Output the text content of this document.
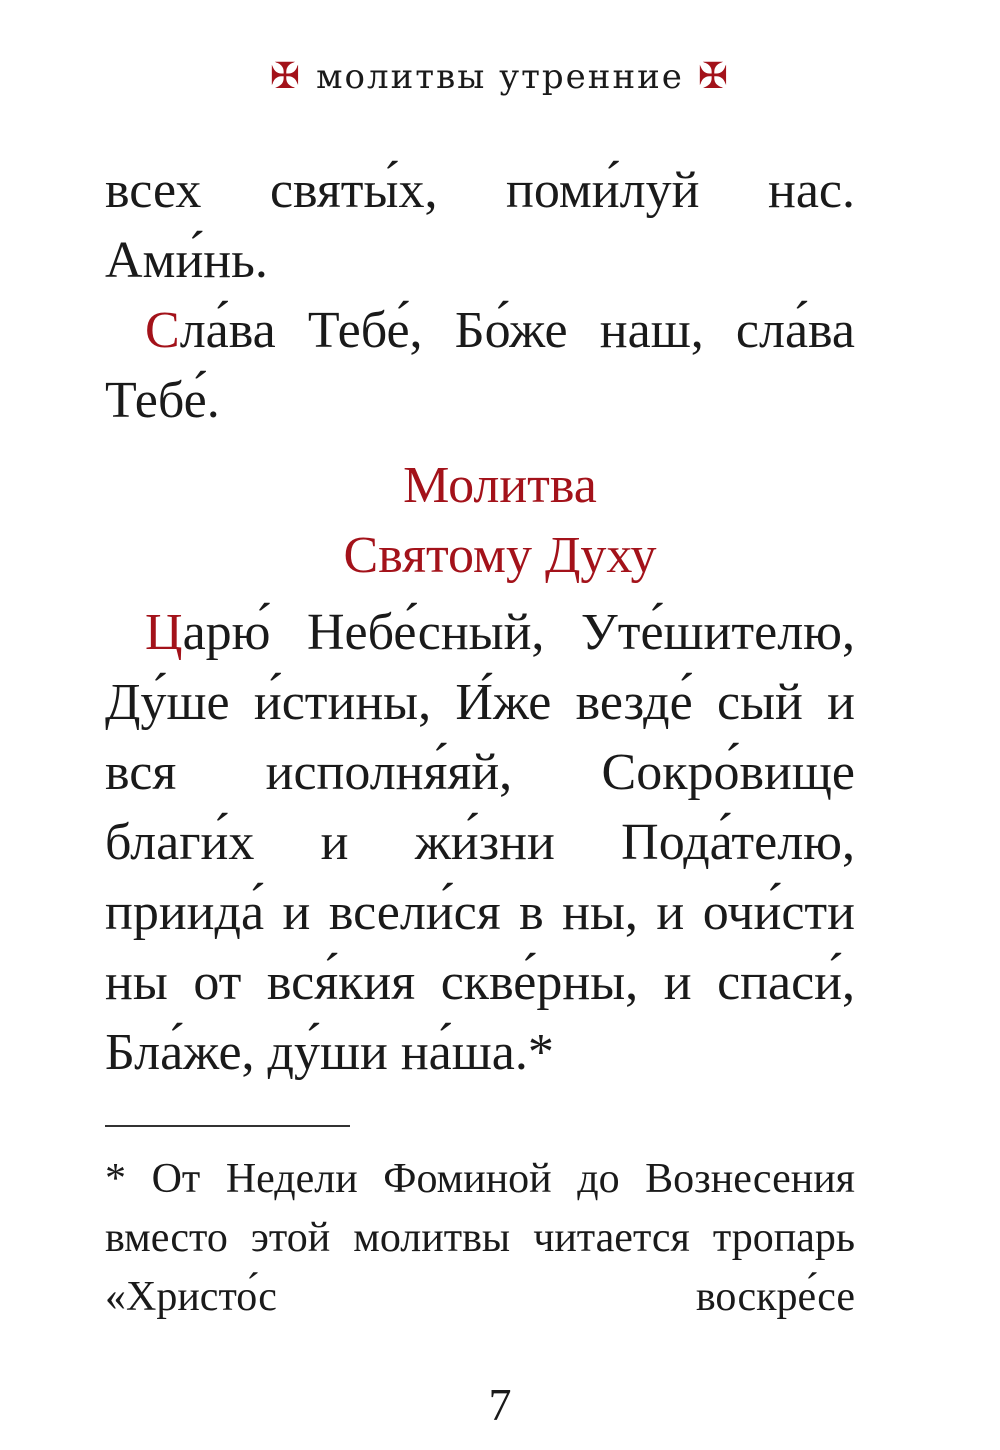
✠ молитвы утренние ✠

всех святы́х, поми́луй нас. Ами́нь.

Сла́ва Тебе́, Бо́же наш, сла́ва Тебе́.

Молитва

Святому Духу

Царю́ Небе́сный, Уте́шителю, Ду́ше и́стины, И́же везде́ сый и вся исполня́яй, Сокро́вище благи́х и жи́зни Пода́телю, приида́ и всели́ся в ны, и очи́сти ны от вся́кия скве́рны, и спаси́, Бла́же, ду́ши на́ша.*

* От Недели Фоминой до Вознесения вместо этой молитвы читается тропарь «Христо́с воскре́се

7
